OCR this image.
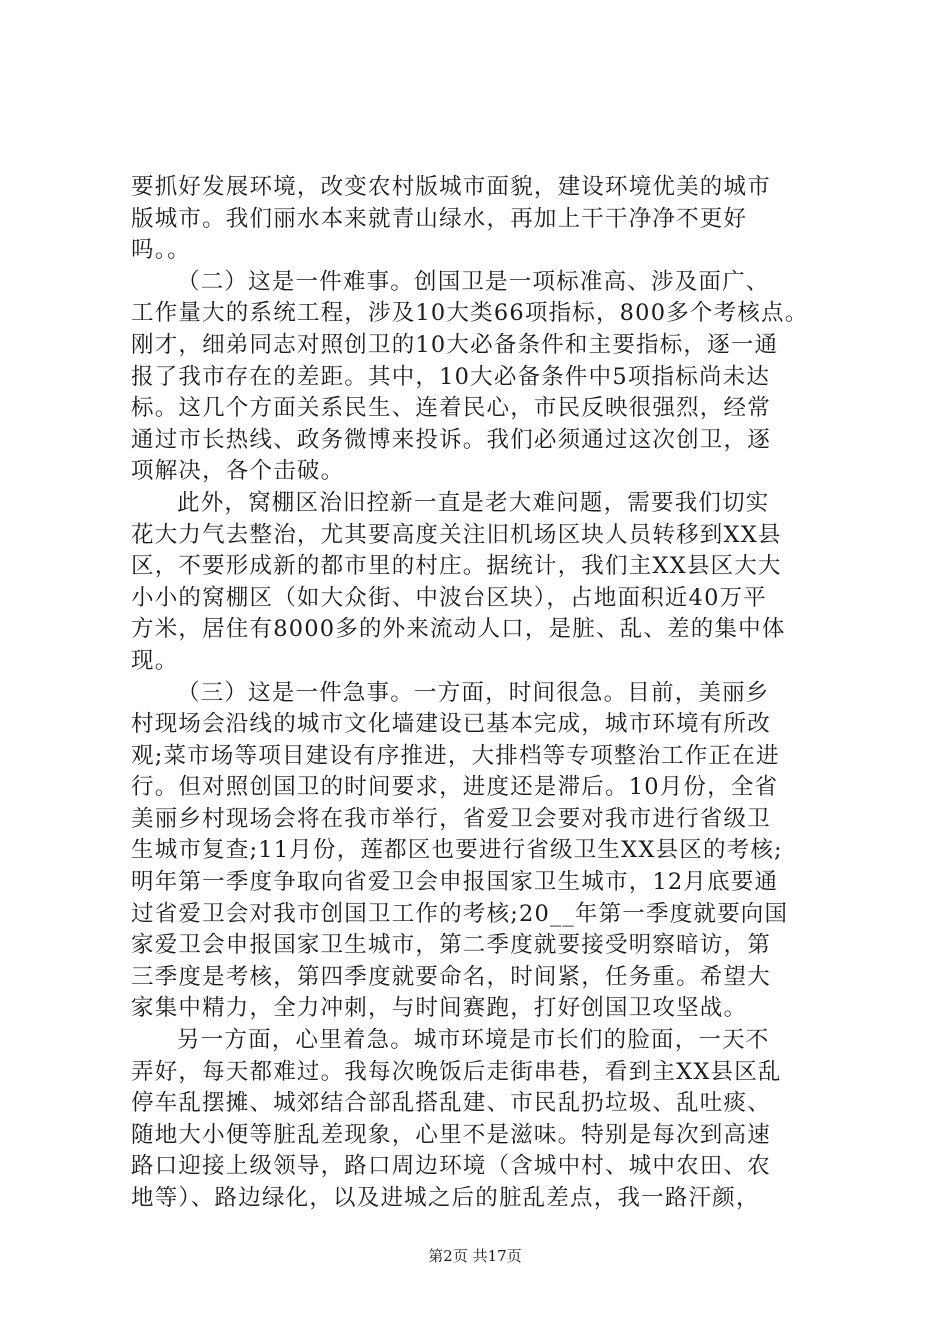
要抓好发展环境，改变农村版城市面貌，建设环境优美的城市
版城市。我们丽水本来就青山绿水，再加上干干净净不更好
吗。。
（二）这是一件难事。创国卫是一项标准高、涉及面广、
工作量大的系统工程，涉及10大类66项指标，800多个考核点。
刚才，细弟同志对照创卫的10大必备条件和主要指标，逐一通
报了我市存在的差距。其中，10大必备条件中5项指标尚未达
标。这几个方面关系民生、连着民心，市民反映很强烈，经常
通过市长热线、政务微博来投诉。我们必须通过这次创卫，逐
项解决，各个击破。
此外，窝棚区治旧控新一直是老大难问题，需要我们切实
花大力气去整治，尤其要高度关注旧机场区块人员转移到XX县
区，不要形成新的都市里的村庄。据统计，我们主XX县区大大
小小的窝棚区（如大众街、中波台区块），占地面积近40万平
方米，居住有8000多的外来流动人口，是脏、乱、差的集中体
现。
（三）这是一件急事。一方面，时间很急。目前，美丽乡
村现场会沿线的城市文化墙建设已基本完成，城市环境有所改
观;菜市场等项目建设有序推进，大排档等专项整治工作正在进
行。但对照创国卫的时间要求，进度还是滞后。10月份，全省
美丽乡村现场会将在我市举行，省爱卫会要对我市进行省级卫
生城市复查;11月份，莲都区也要进行省级卫生XX县区的考核;
明年第一季度争取向省爱卫会申报国家卫生城市，12月底要通
过省爱卫会对我市创国卫工作的考核;20__年第一季度就要向国
家爱卫会申报国家卫生城市，第二季度就要接受明察暗访，第
三季度是考核，第四季度就要命名，时间紧，任务重。希望大
家集中精力，全力冲刺，与时间赛跑，打好创国卫攻坚战。
另一方面，心里着急。城市环境是市长们的脸面，一天不
弄好，每天都难过。我每次晚饭后走街串巷，看到主XX县区乱
停车乱摆摊、城郊结合部乱搭乱建、市民乱扔垃圾、乱吐痰、
随地大小便等脏乱差现象，心里不是滋味。特别是每次到高速
路口迎接上级领导，路口周边环境（含城中村、城中农田、农
地等）、路边绿化，以及进城之后的脏乱差点，我一路汗颜，
第2页 共17页
